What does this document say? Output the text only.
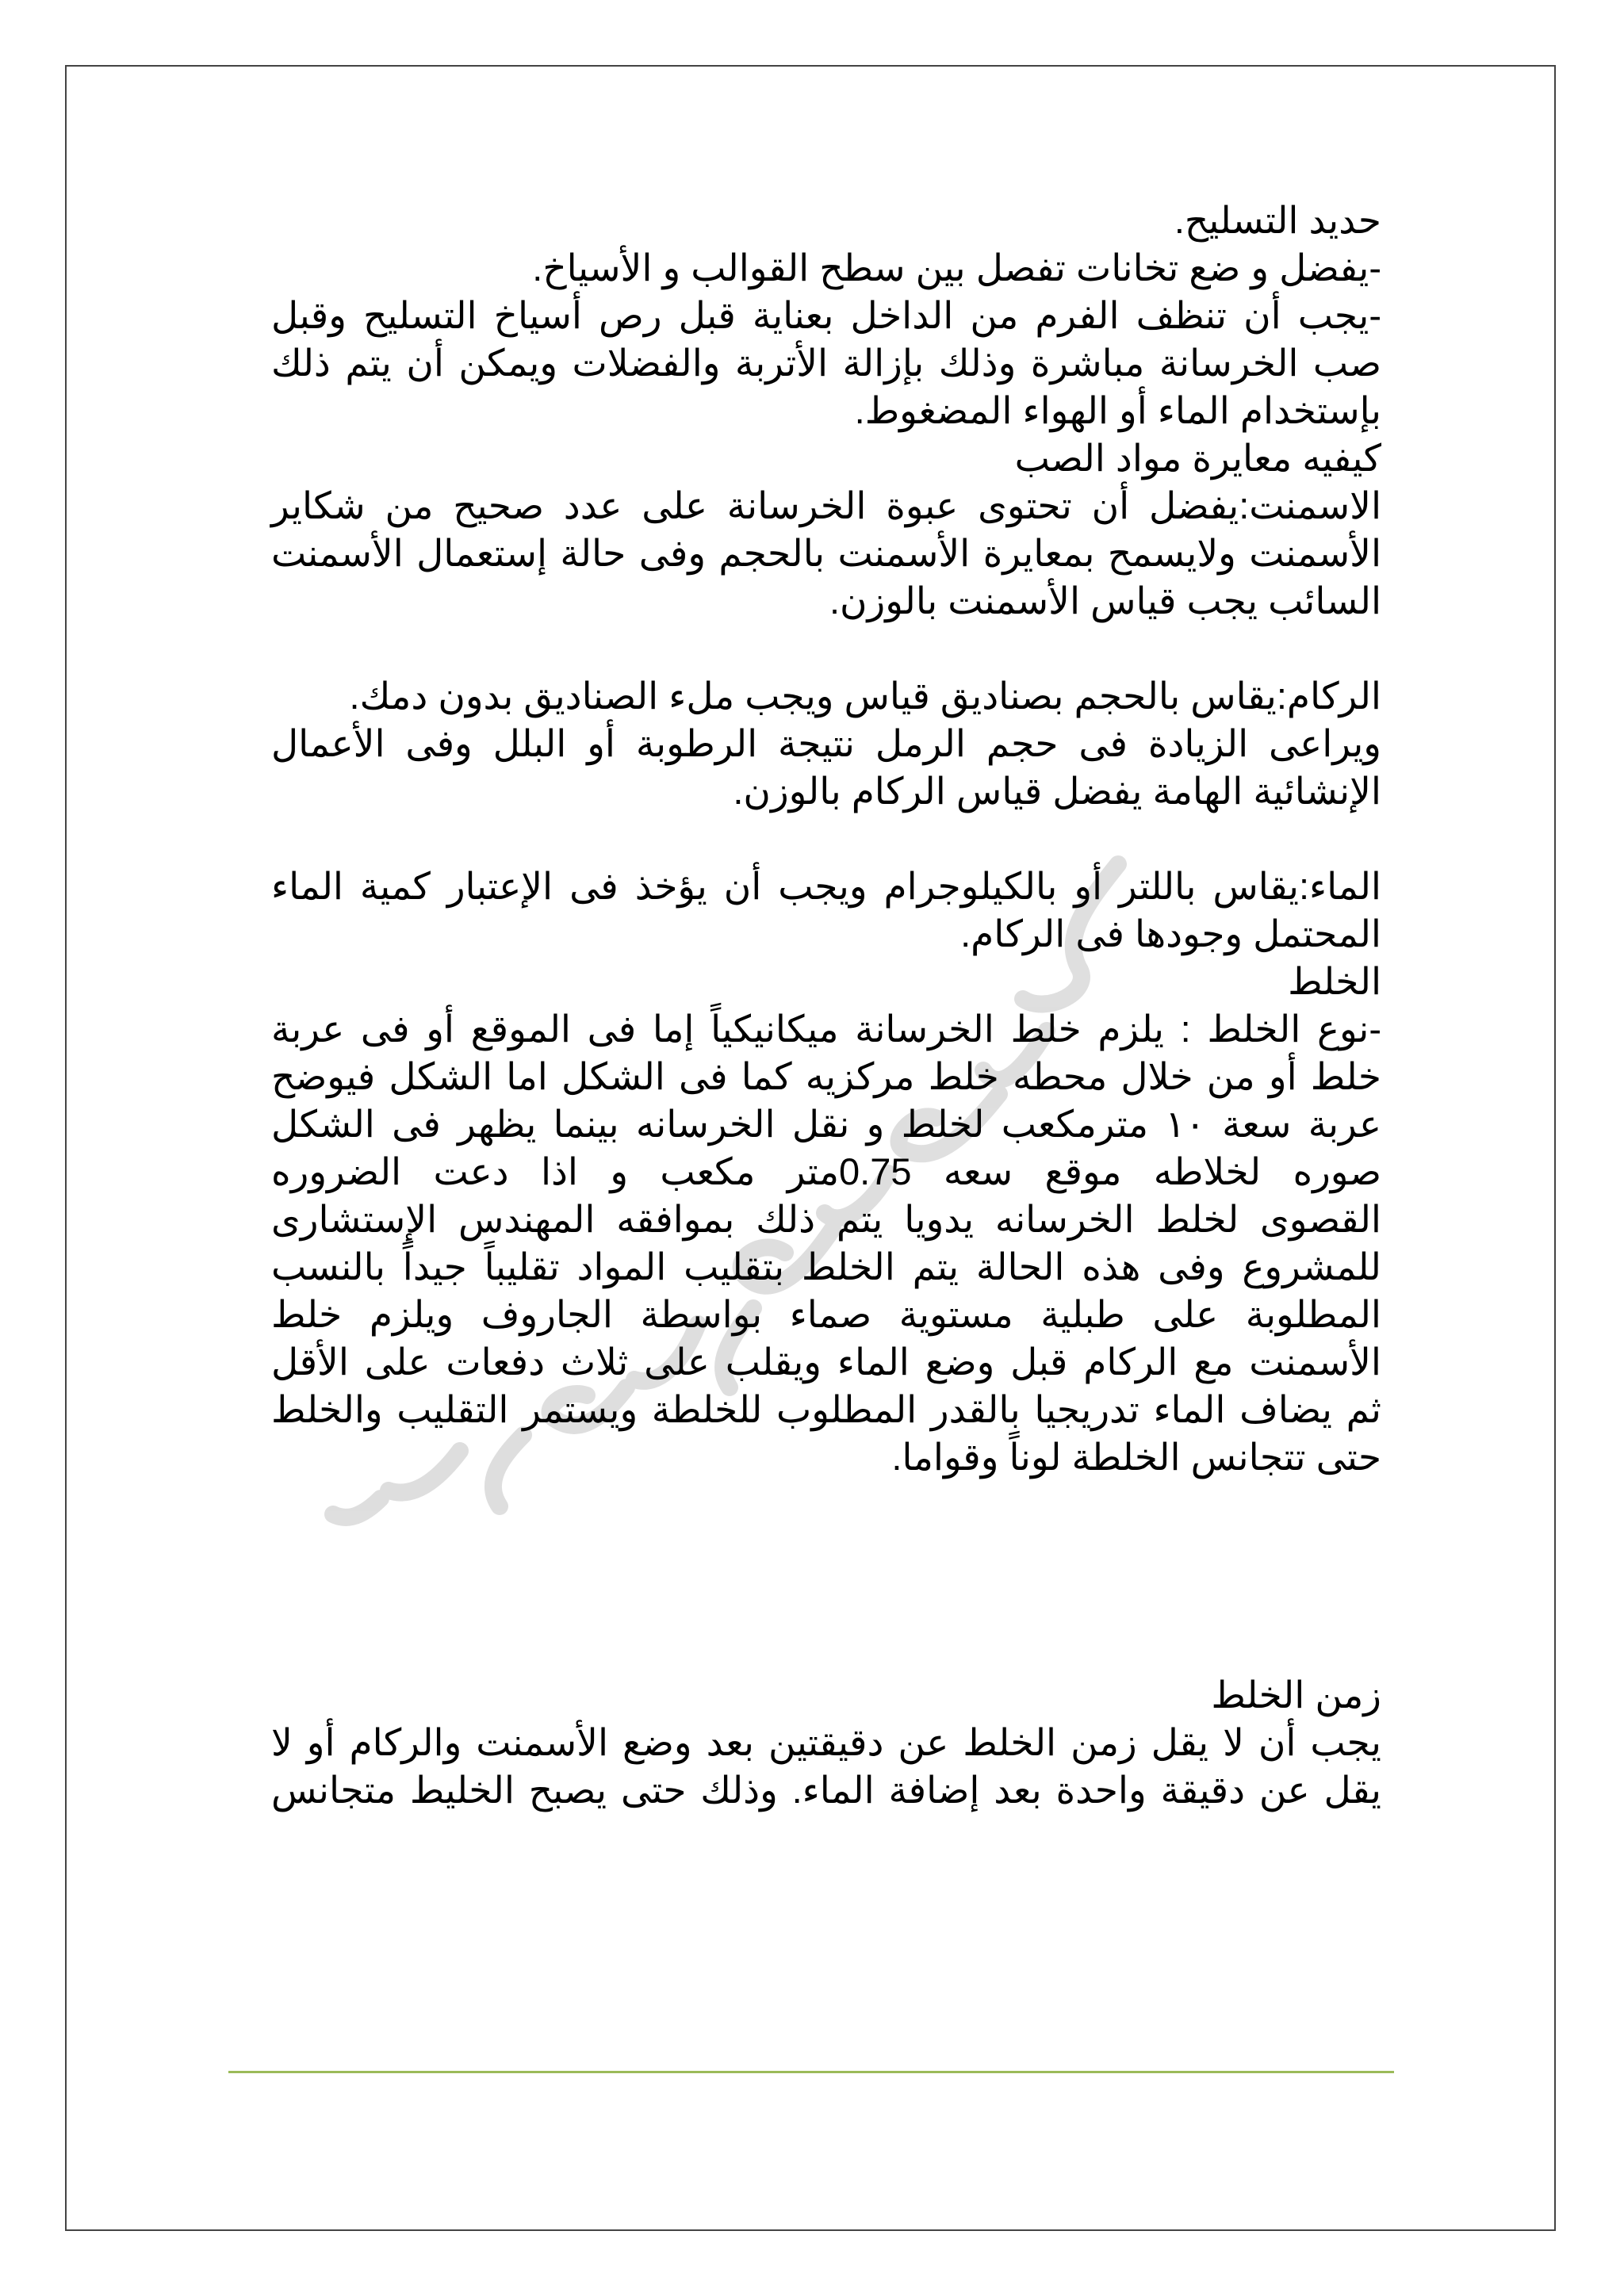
حديد التسليح.
-يفضل و ضع تخانات تفصل بين سطح القوالب و الأسياخ.
-يجب أن تنظف الفرم من الداخل بعناية قبل رص أسياخ التسليح وقبل
صب الخرسانة مباشرة وذلك بإزالة الأتربة والفضلات ويمكن أن يتم ذلك
بإستخدام الماء أو الهواء المضغوط.
كيفيه معايرة مواد الصب
الاسمنت:يفضل أن تحتوى عبوة الخرسانة على عدد صحيح من شكاير
الأسمنت ولايسمح بمعايرة الأسمنت بالحجم وفى حالة إستعمال الأسمنت
السائب يجب قياس الأسمنت بالوزن.
الركام:يقاس بالحجم بصناديق قياس ويجب ملء الصناديق بدون دمك.
ويراعى الزيادة فى حجم الرمل نتيجة الرطوبة أو البلل وفى الأعمال
الإنشائية الهامة يفضل قياس الركام بالوزن.
الماء:يقاس باللتر أو بالكيلوجرام ويجب أن يؤخذ فى الإعتبار كمية الماء
المحتمل وجودها فى الركام.
الخلط
-نوع الخلط : يلزم خلط الخرسانة ميكانيكياً إما فى الموقع أو فى عربة
خلط أو من خلال محطه خلط مركزيه كما فى الشكل اما الشكل فيوضح
عربة سعة ١٠ مترمكعب لخلط و نقل الخرسانه بينما يظهر فى الشكل
صوره لخلاطه موقع سعه 0.75متر مكعب و اذا دعت الضروره
القصوى لخلط الخرسانه يدويا يتم ذلك بموافقه المهندس الإستشارى
للمشروع وفى هذه الحالة يتم الخلط بتقليب المواد تقليباً جيداً بالنسب
المطلوبة على طبلية مستوية صماء بواسطة الجاروف ويلزم خلط
الأسمنت مع الركام قبل وضع الماء ويقلب على ثلاث دفعات على الأقل
ثم يضاف الماء تدريجيا بالقدر المطلوب للخلطة ويستمر التقليب والخلط
حتى تتجانس الخلطة لوناً وقواما.
زمن الخلط
يجب أن لا يقل زمن الخلط عن دقيقتين بعد وضع الأسمنت والركام أو لا
يقل عن دقيقة واحدة بعد إضافة الماء. وذلك حتى يصبح الخليط متجانس
